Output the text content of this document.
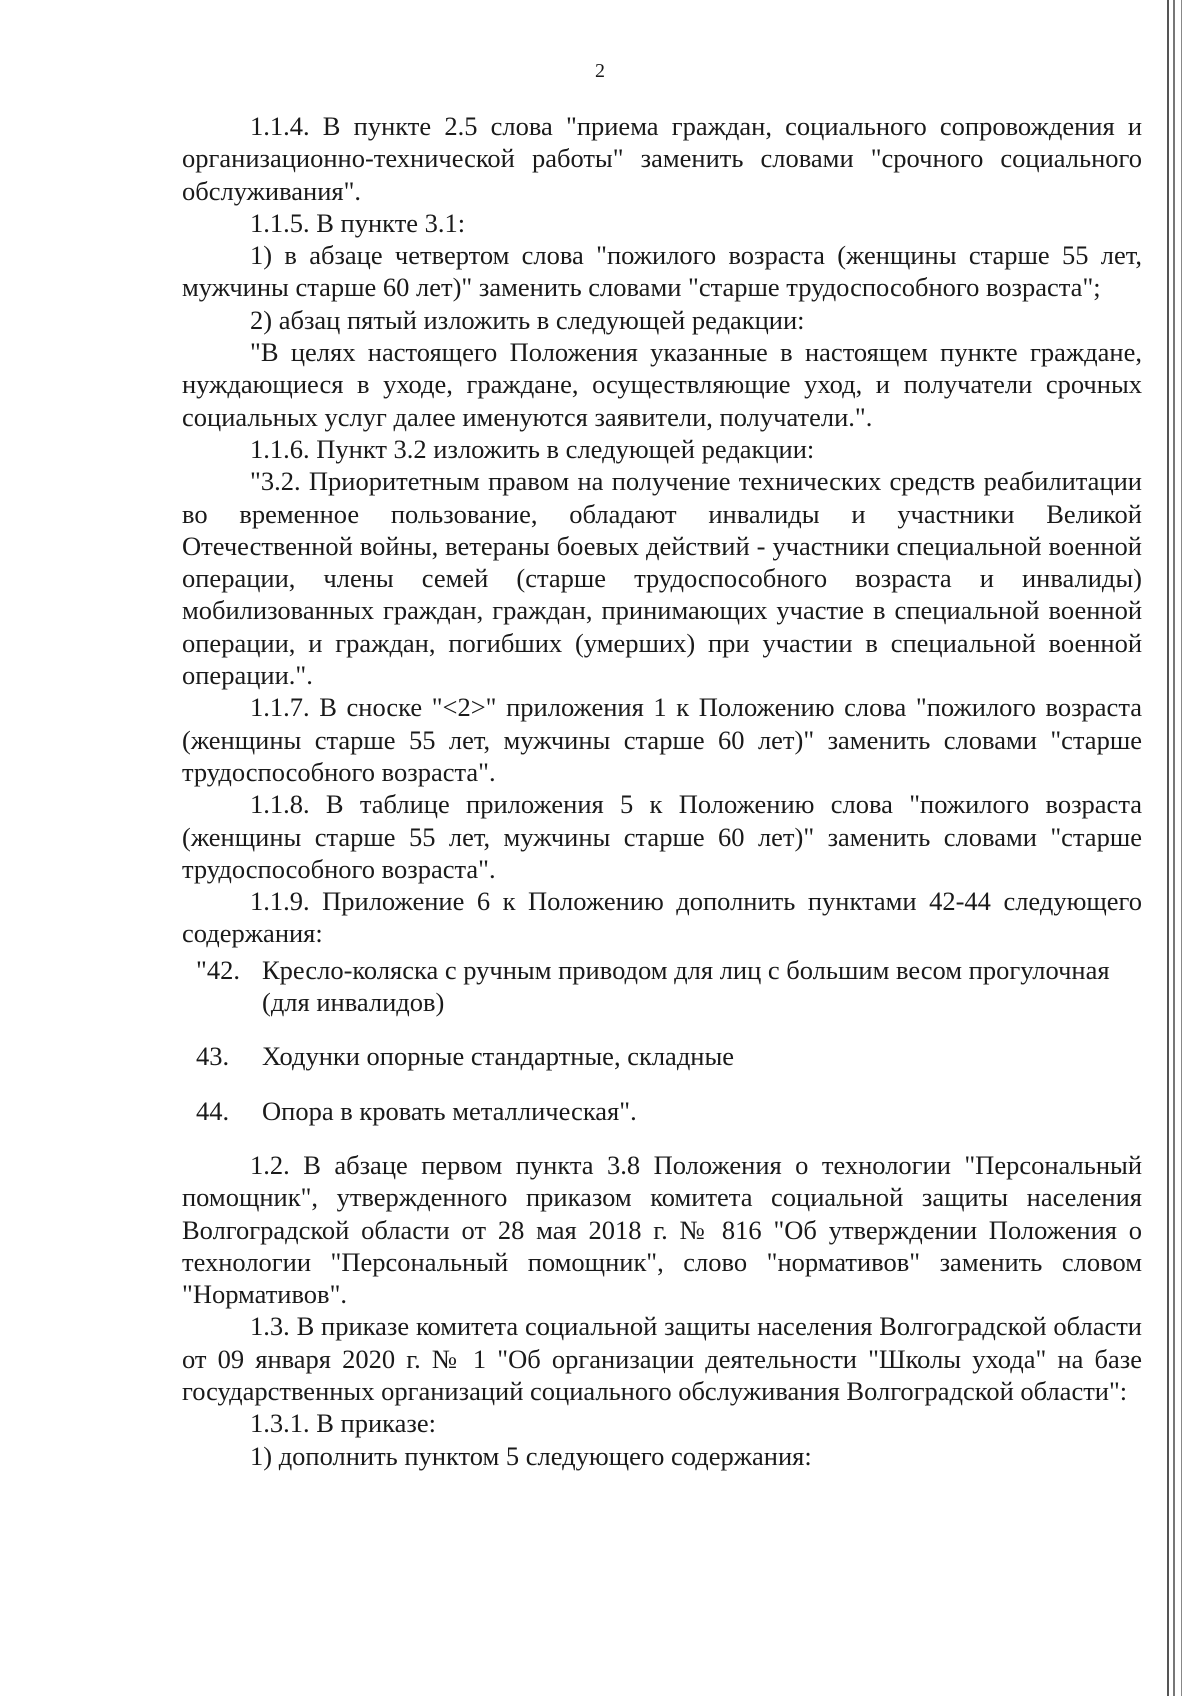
2

1.1.4. В пункте 2.5 слова "приема граждан, социального сопровождения и организационно-технической работы" заменить словами "срочного социального обслуживания".

1.1.5. В пункте 3.1:

1) в абзаце четвертом слова "пожилого возраста (женщины старше 55 лет, мужчины старше 60 лет)" заменить словами "старше трудоспособного возраста";

2) абзац пятый изложить в следующей редакции:

"В целях настоящего Положения указанные в настоящем пункте граждане, нуждающиеся в уходе, граждане, осуществляющие уход, и получатели срочных социальных услуг далее именуются заявители, получатели.".

1.1.6. Пункт 3.2 изложить в следующей редакции:

"3.2. Приоритетным правом на получение технических средств реабилитации во временное пользование, обладают инвалиды и участники Великой Отечественной войны, ветераны боевых действий - участники специальной военной операции, члены семей (старше трудоспособного возраста и инвалиды) мобилизованных граждан, граждан, принимающих участие в специальной военной операции, и граждан, погибших (умерших) при участии в специальной военной операции.".

1.1.7. В сноске "<2>" приложения 1 к Положению слова "пожилого возраста (женщины старше 55 лет, мужчины старше 60 лет)" заменить словами "старше трудоспособного возраста".

1.1.8. В таблице приложения 5 к Положению слова "пожилого возраста (женщины старше 55 лет, мужчины старше 60 лет)" заменить словами "старше трудоспособного возраста".

1.1.9. Приложение 6 к Положению дополнить пунктами 42-44 следующего содержания:

"42. Кресло-коляска с ручным приводом для лиц с большим весом прогулочная (для инвалидов)
43.	Ходунки опорные стандартные, складные
44.	Опора в кровать металлическая".

1.2. В абзаце первом пункта 3.8 Положения о технологии "Персональный помощник", утвержденного приказом комитета социальной защиты населения Волгоградской области от 28 мая 2018 г. № 816 "Об утверждении Положения о технологии "Персональный помощник", слово "нормативов" заменить словом "Нормативов".

1.3. В приказе комитета социальной защиты населения Волгоградской области от 09 января 2020 г. № 1 "Об организации деятельности "Школы ухода" на базе государственных организаций социального обслуживания Волгоградской области":

1.3.1. В приказе:

1) дополнить пунктом 5 следующего содержания:
